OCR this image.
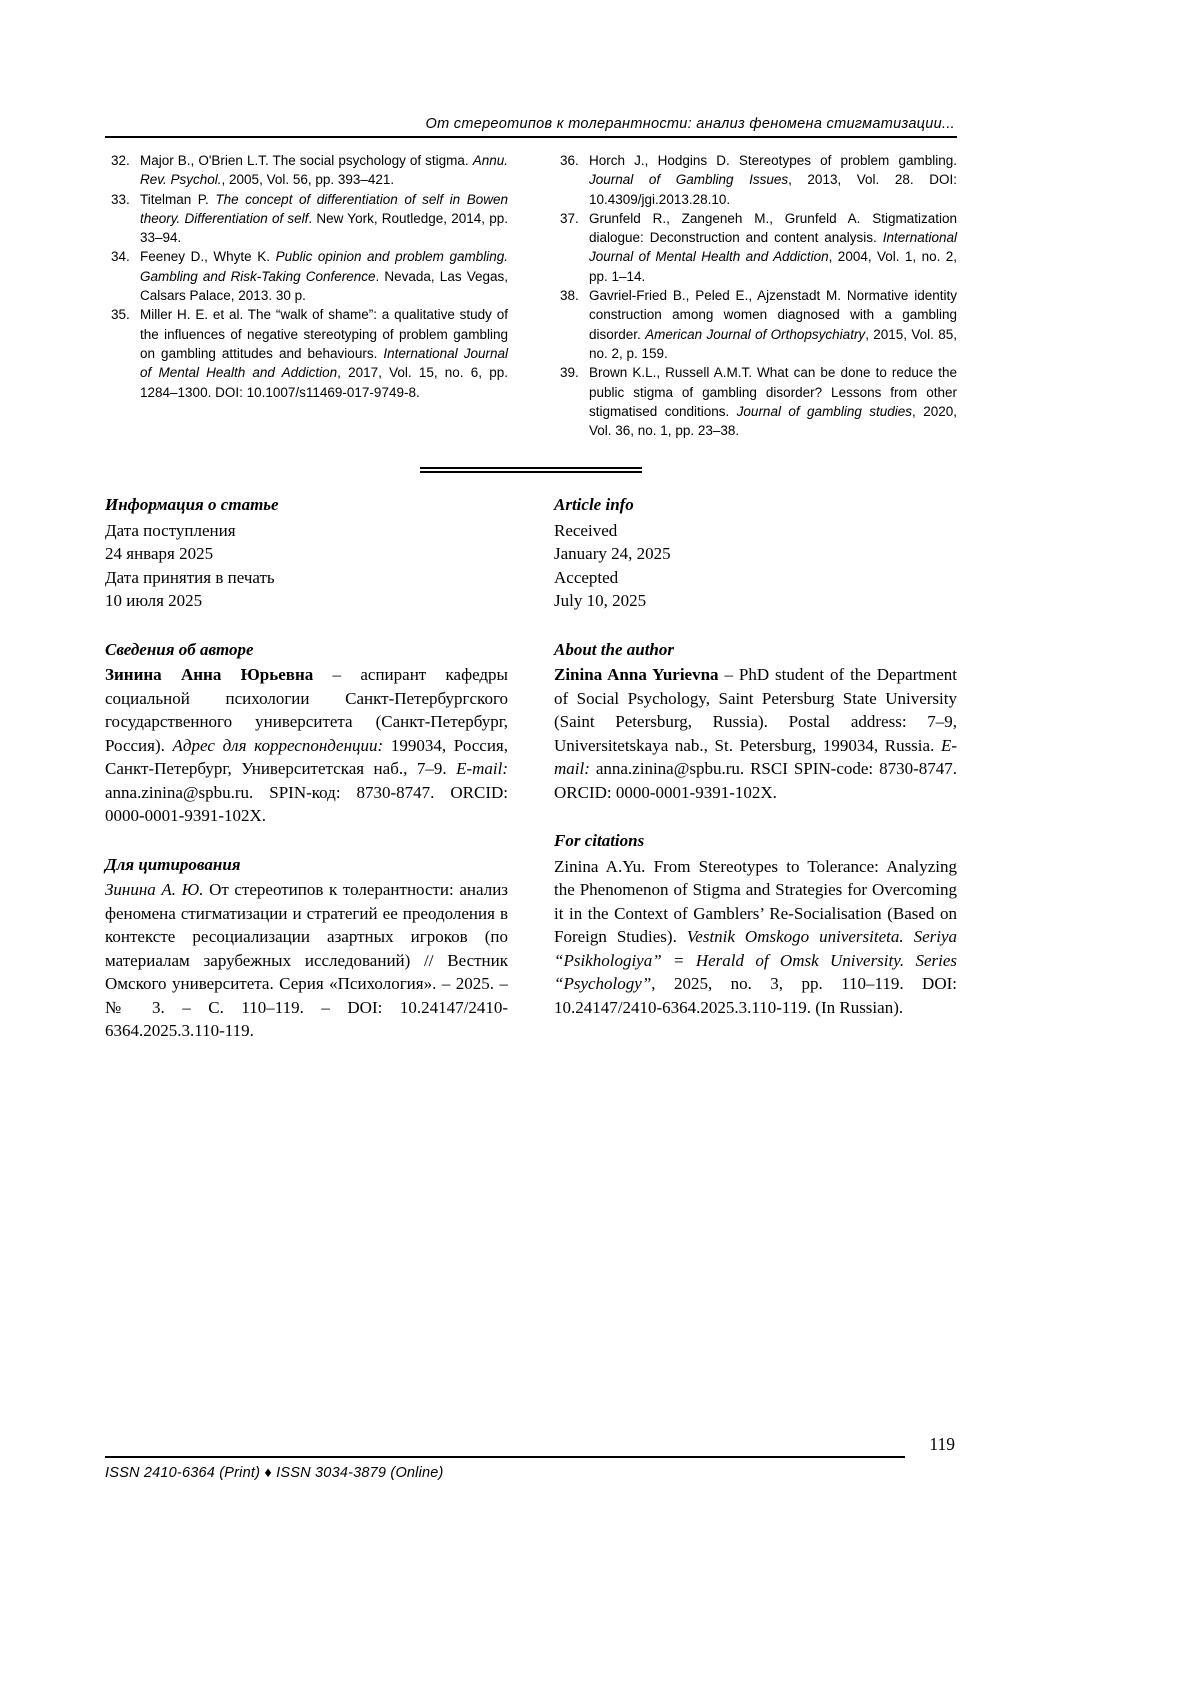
От стереотипов к толерантности: анализ феномена стигматизации...
32. Major B., O'Brien L.T. The social psychology of stigma. Annu. Rev. Psychol., 2005, Vol. 56, pp. 393–421.
33. Titelman P. The concept of differentiation of self in Bowen theory. Differentiation of self. New York, Routledge, 2014, pp. 33–94.
34. Feeney D., Whyte K. Public opinion and problem gambling. Gambling and Risk-Taking Conference. Nevada, Las Vegas, Calsars Palace, 2013. 30 p.
35. Miller H. E. et al. The “walk of shame”: a qualitative study of the influences of negative stereotyping of problem gambling on gambling attitudes and behaviours. International Journal of Mental Health and Addiction, 2017, Vol. 15, no. 6, pp. 1284–1300. DOI: 10.1007/s11469-017-9749-8.
36. Horch J., Hodgins D. Stereotypes of problem gambling. Journal of Gambling Issues, 2013, Vol. 28. DOI: 10.4309/jgi.2013.28.10.
37. Grunfeld R., Zangeneh M., Grunfeld A. Stigmatization dialogue: Deconstruction and content analysis. International Journal of Mental Health and Addiction, 2004, Vol. 1, no. 2, pp. 1–14.
38. Gavriel-Fried B., Peled E., Ajzenstadt M. Normative identity construction among women diagnosed with a gambling disorder. American Journal of Orthopsychiatry, 2015, Vol. 85, no. 2, p. 159.
39. Brown K.L., Russell A.M.T. What can be done to reduce the public stigma of gambling disorder? Lessons from other stigmatised conditions. Journal of gambling studies, 2020, Vol. 36, no. 1, pp. 23–38.
Информация о статье
Дата поступления
24 января 2025
Дата принятия в печать
10 июля 2025
Сведения об авторе

Зинина Анна Юрьевна – аспирант кафедры социальной психологии Санкт-Петербургского государственного университета (Санкт-Петербург, Россия). Адрес для корреспонденции: 199034, Россия, Санкт-Петербург, Университетская наб., 7–9. E-mail: anna.zinina@spbu.ru. SPIN-код: 8730-8747. ORCID: 0000-0001-9391-102X.

Для цитирования

Зинина А. Ю. От стереотипов к толерантности: анализ феномена стигматизации и стратегий ее преодоления в контексте ресоциализации азартных игроков (по материалам зарубежных исследований) // Вестник Омского университета. Серия «Психология». – 2025. – № 3. – С. 110–119. – DOI: 10.24147/2410-6364.2025.3.110-119.

Article info
Received
January 24, 2025
Accepted
July 10, 2025
About the author

Zinina Anna Yurievna – PhD student of the Department of Social Psychology, Saint Petersburg State University (Saint Petersburg, Russia). Postal address: 7–9, Universitetskaya nab., St. Petersburg, 199034, Russia. E-mail: anna.zinina@spbu.ru. RSCI SPIN-code: 8730-8747. ORCID: 0000-0001-9391-102X.

For citations

Zinina A.Yu. From Stereotypes to Tolerance: Analyzing the Phenomenon of Stigma and Strategies for Overcoming it in the Context of Gamblers’ Re-Socialisation (Based on Foreign Studies). Vestnik Omskogo universiteta. Seriya “Psikhologiya” = Herald of Omsk University. Series “Psychology”, 2025, no. 3, pp. 110–119. DOI: 10.24147/2410-6364.2025.3.110-119. (In Russian).

119
ISSN 2410-6364 (Print) ♦ ISSN 3034-3879 (Online)
